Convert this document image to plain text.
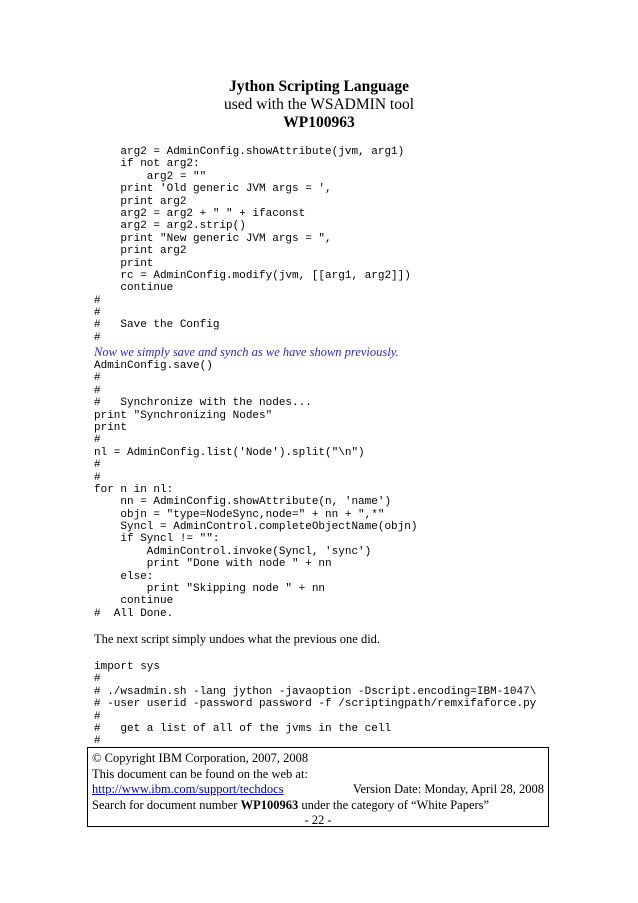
Jython Scripting Language
used with the WSADMIN tool
WP100963
arg2 = AdminConfig.showAttribute(jvm, arg1)
if not arg2:
arg2 = ""
print 'Old generic JVM args = ',
print arg2
arg2 = arg2 + " " + ifaconst
arg2 = arg2.strip()
print "New generic JVM args = ",
print arg2
print
rc = AdminConfig.modify(jvm, [[arg1, arg2]])
continue
#
#
#   Save the Config
#
Now we simply save and synch as we have shown previously.
AdminConfig.save()
#
#
#   Synchronize with the nodes...
print "Synchronizing Nodes"
print
#
nl = AdminConfig.list('Node').split("\n")
#
#
for n in nl:
nn = AdminConfig.showAttribute(n, 'name')
objn = "type=NodeSync,node=" + nn + ",*"
Syncl = AdminControl.completeObjectName(objn)
if Syncl != "":
AdminControl.invoke(Syncl, 'sync')
print "Done with node " + nn
else:
print "Skipping node " + nn
continue
#  All Done.
The next script simply undoes what the previous one did.
import sys
#
# ./wsadmin.sh -lang jython -javaoption -Dscript.encoding=IBM-1047\
# -user userid -password password -f /scriptingpath/remxifaforce.py
#
#   get a list of all of the jvms in the cell
#
© Copyright IBM Corporation, 2007, 2008
This document can be found on the web at:
http://www.ibm.com/support/techdocs	Version Date: Monday, April 28, 2008
Search for document number WP100963 under the category of “White Papers”
- 22 -
